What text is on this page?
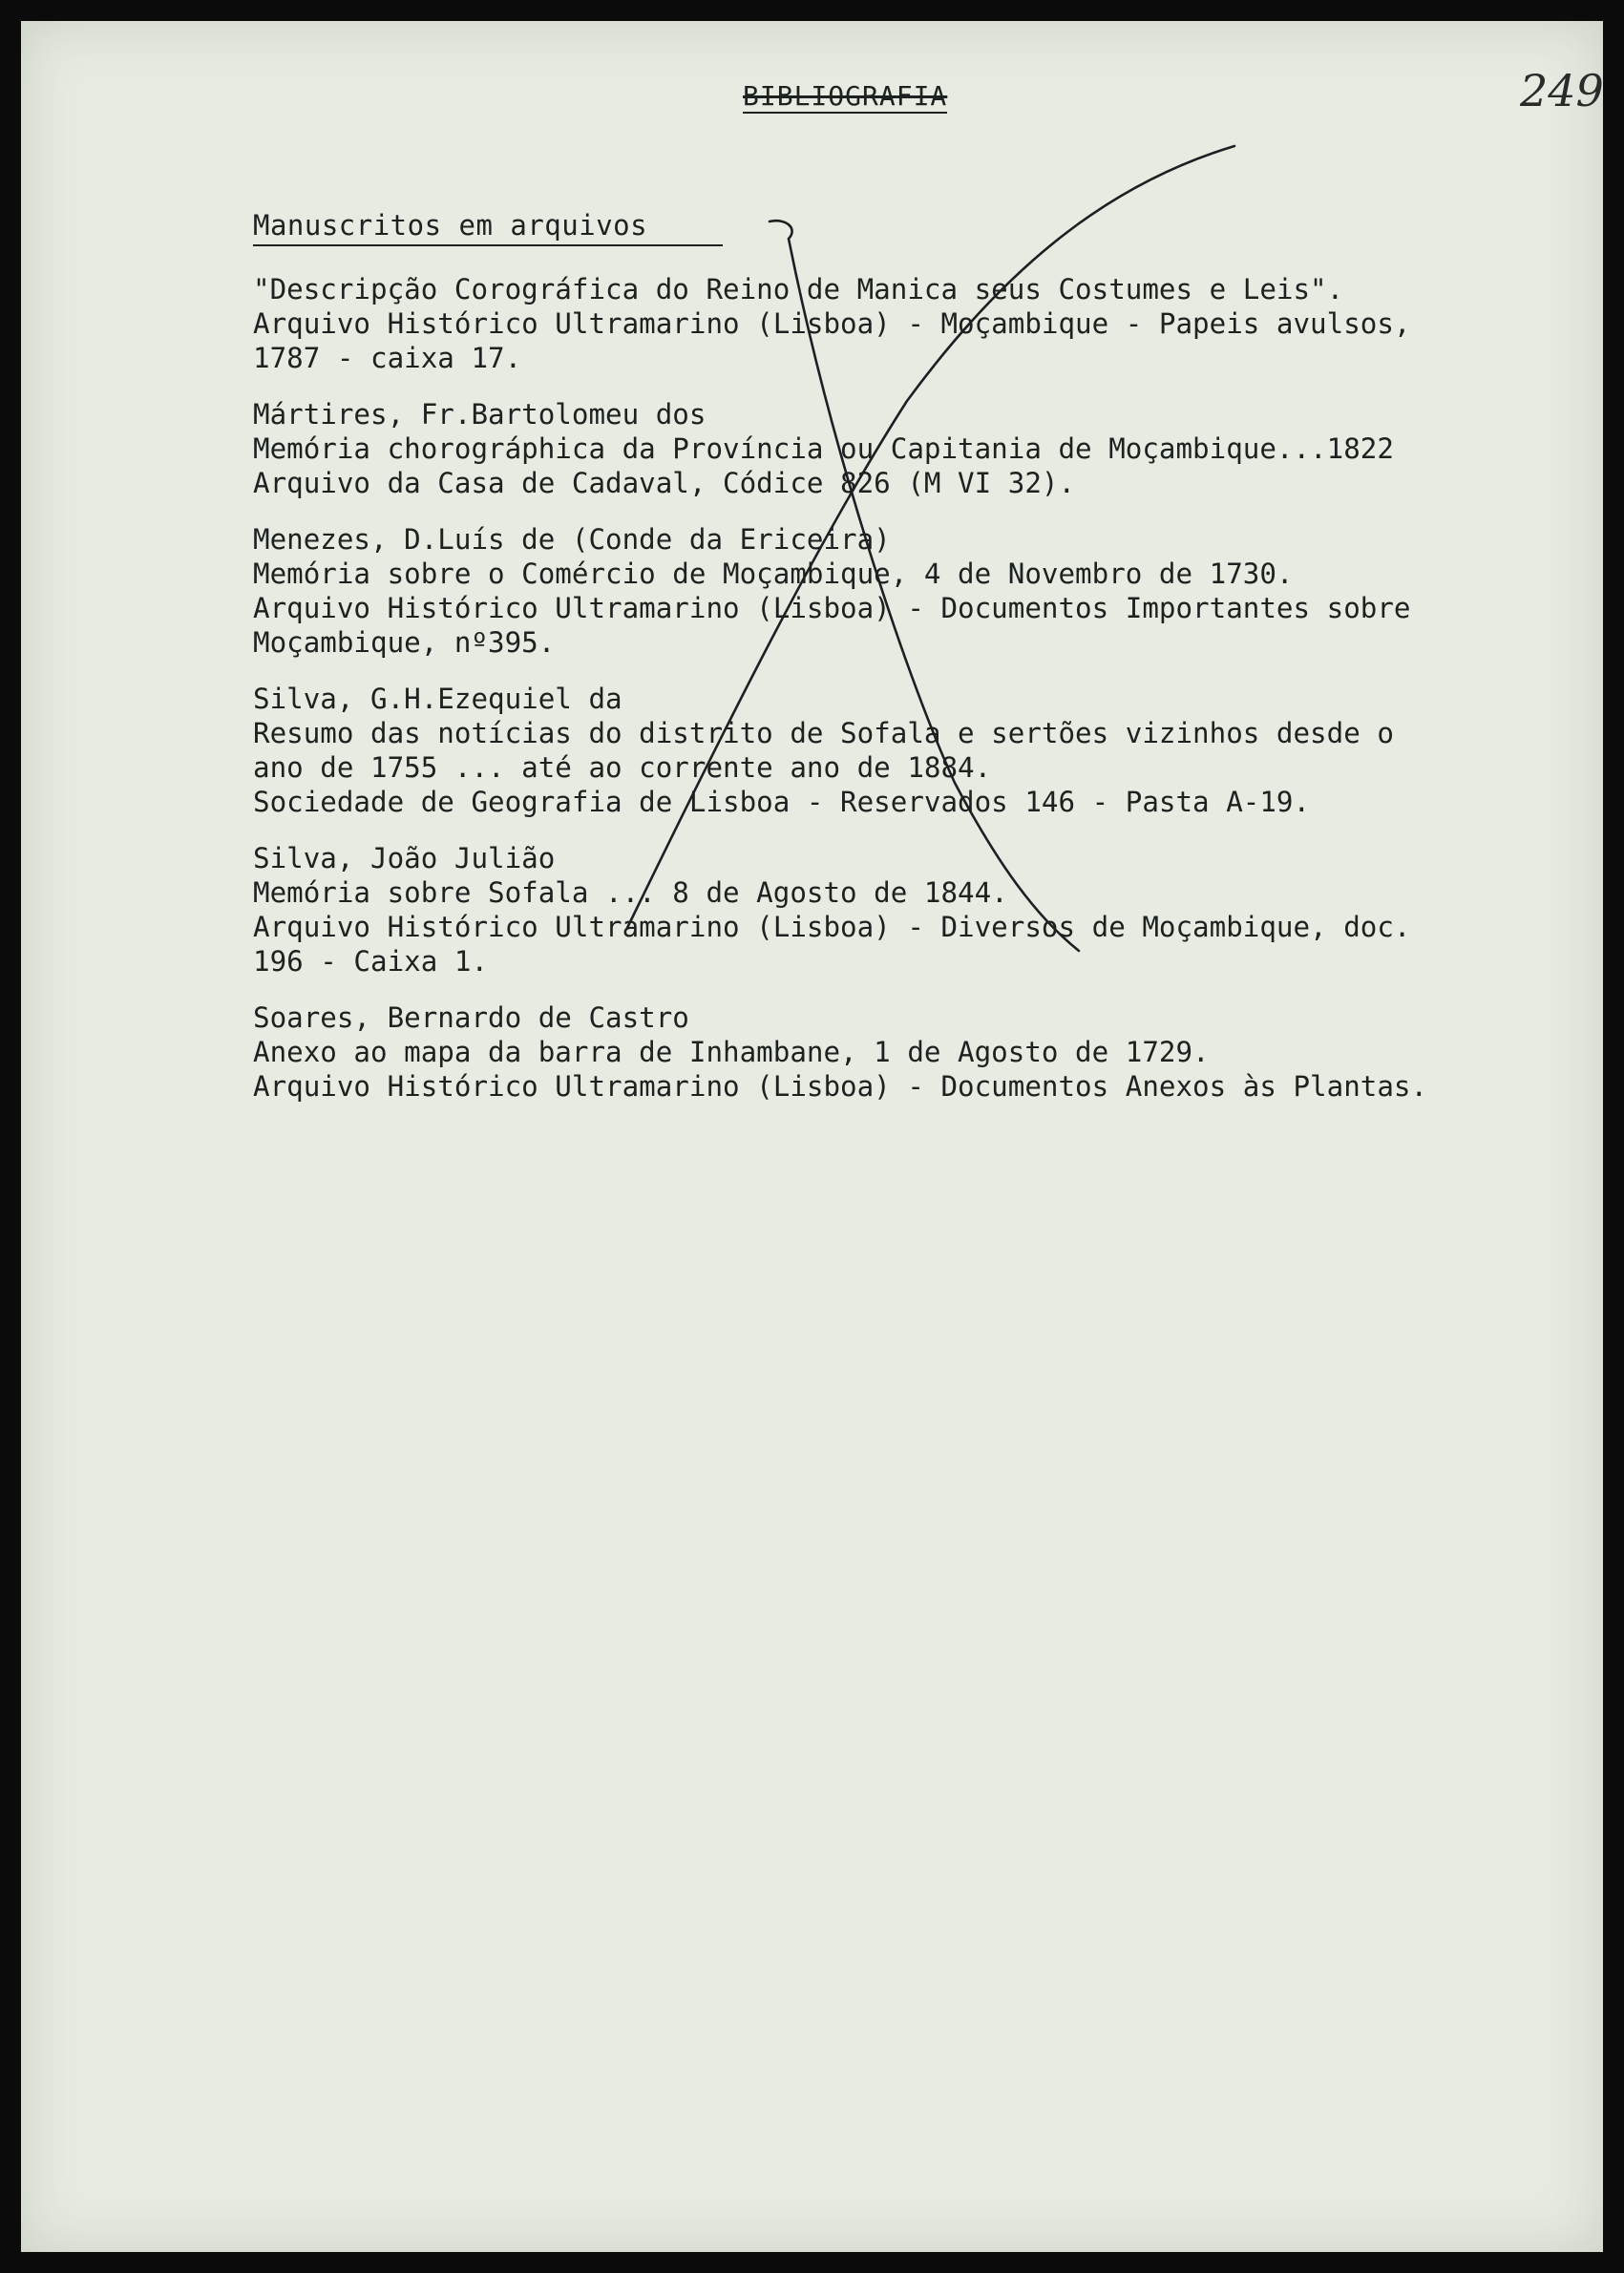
BIBLIOGRAFIA	249
Manuscritos em arquivos
"Descripção Corográfica do Reino de Manica seus Costumes e Leis".
Arquivo Histórico Ultramarino (Lisboa) - Moçambique - Papeis avulsos,
1787 - caixa 17.
Mártires, Fr.Bartolomeu dos
Memória chorográphica da Província ou Capitania de Moçambique...1822
Arquivo da Casa de Cadaval, Códice 826 (M VI 32).
Menezes, D.Luís de (Conde da Ericeira)
Memória sobre o Comércio de Moçambique, 4 de Novembro de 1730.
Arquivo Histórico Ultramarino (Lisboa) - Documentos Importantes sobre
Moçambique, nº395.
Silva, G.H.Ezequiel da
Resumo das notícias do distrito de Sofala e sertões vizinhos desde o
ano de 1755 ... até ao corrente ano de 1884.
Sociedade de Geografia de Lisboa - Reservados 146 - Pasta A-19.
Silva, João Julião
Memória sobre Sofala ... 8 de Agosto de 1844.
Arquivo Histórico Ultramarino (Lisboa) - Diversos de Moçambique, doc.
196 - Caixa 1.
Soares, Bernardo de Castro
Anexo ao mapa da barra de Inhambane, 1 de Agosto de 1729.
Arquivo Histórico Ultramarino (Lisboa) - Documentos Anexos às Plantas.
